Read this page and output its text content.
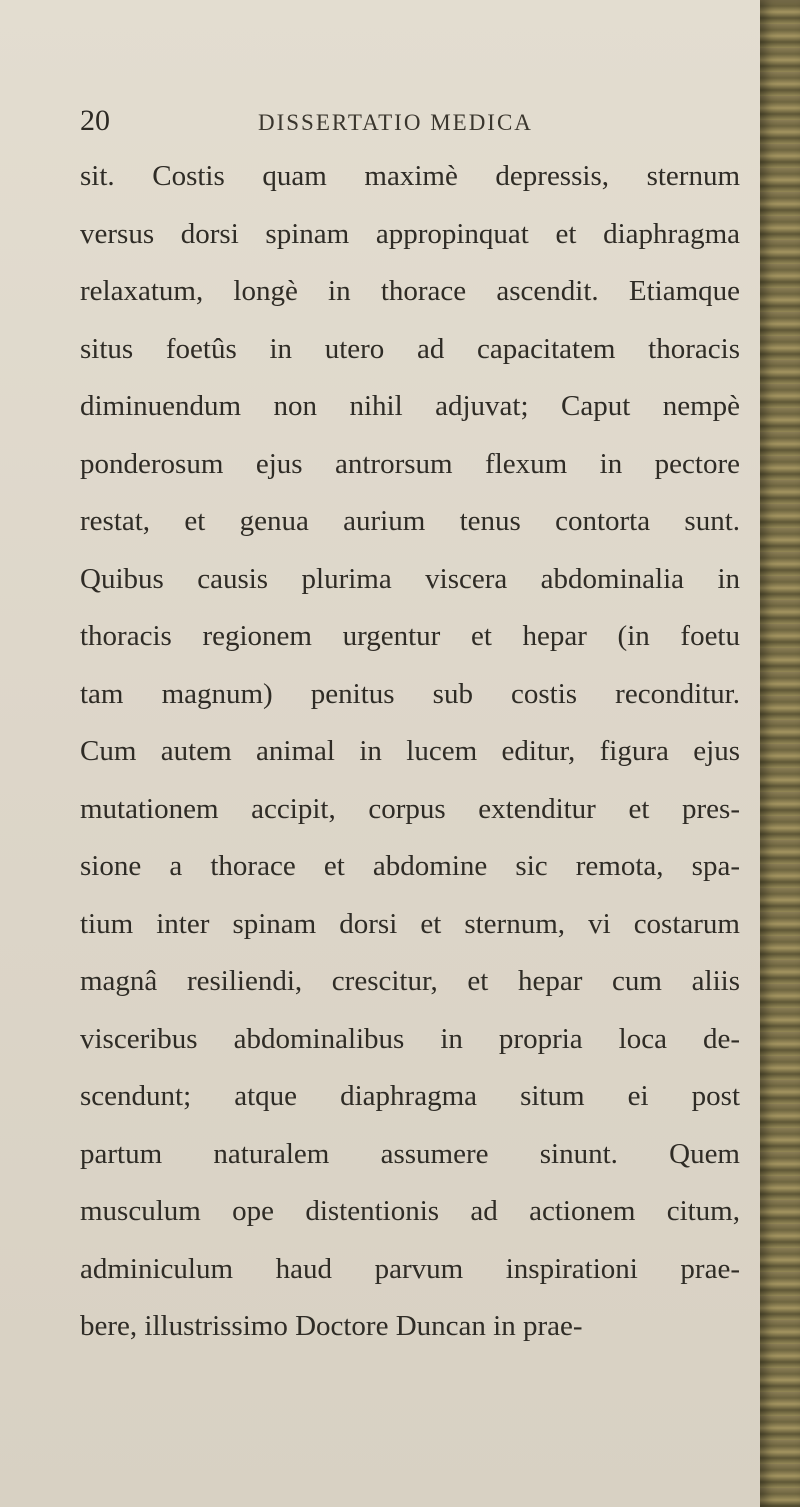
20	DISSERTATIO MEDICA

sit. Costis quam maximè depressis, sternum
versus dorsi spinam appropinquat et diaphragma
relaxatum, longè in thorace ascendit. Etiamque
situs foetûs in utero ad capacitatem thoracis
diminuendum non nihil adjuvat; Caput nempè
ponderosum ejus antrorsum flexum in pectore
restat, et genua aurium tenus contorta sunt.
Quibus causis plurima viscera abdominalia in
thoracis regionem urgentur et hepar (in foetu
tam magnum) penitus sub costis reconditur.
Cum autem animal in lucem editur, figura ejus
mutationem accipit, corpus extenditur et pres-
sione a thorace et abdomine sic remota, spa-
tium inter spinam dorsi et sternum, vi costarum
magnâ resiliendi, crescitur, et hepar cum aliis
visceribus abdominalibus in propria loca de-
scendunt; atque diaphragma situm ei post
partum naturalem assumere sinunt. Quem
musculum ope distentionis ad actionem citum,
adminiculum haud parvum inspirationi prae-
bere, illustrissimo Doctore Duncan in prae-
